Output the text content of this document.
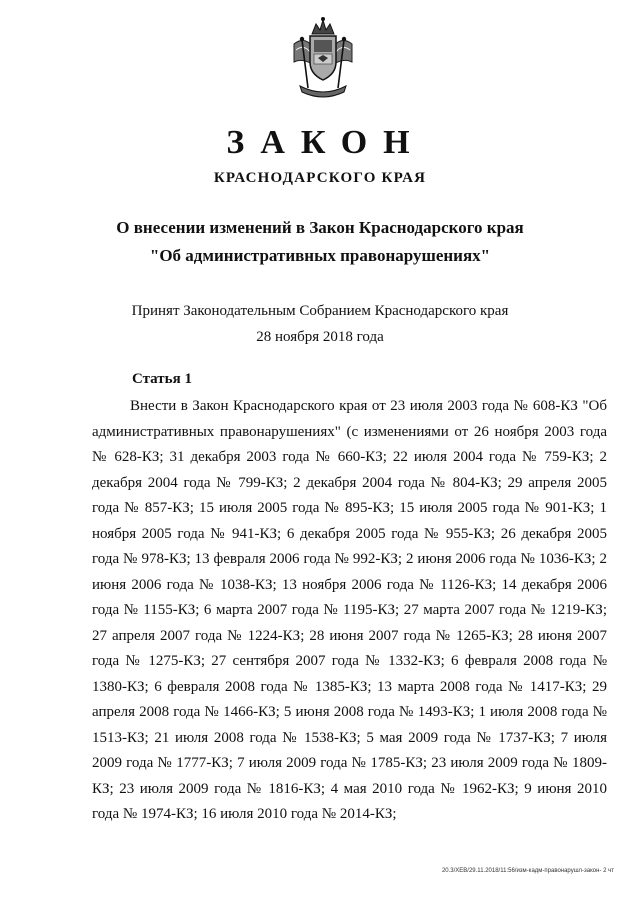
ЗАКОН
КРАСНОДАРСКОГО КРАЯ
О внесении изменений в Закон Краснодарского края
"Об административных правонарушениях"
Принят Законодательным Собранием Краснодарского края
28 ноября 2018 года
Статья 1
Внести в Закон Краснодарского края от 23 июля 2003 года № 608-КЗ "Об административных правонарушениях" (с изменениями от 26 ноября 2003 года № 628-КЗ; 31 декабря 2003 года № 660-КЗ; 22 июля 2004 года № 759-КЗ; 2 декабря 2004 года № 799-КЗ; 2 декабря 2004 года № 804-КЗ; 29 апреля 2005 года № 857-КЗ; 15 июля 2005 года № 895-КЗ; 15 июля 2005 года № 901-КЗ; 1 ноября 2005 года № 941-КЗ; 6 декабря 2005 года № 955-КЗ; 26 декабря 2005 года № 978-КЗ; 13 февраля 2006 года № 992-КЗ; 2 июня 2006 года № 1036-КЗ; 2 июня 2006 года № 1038-КЗ; 13 ноября 2006 года № 1126-КЗ; 14 декабря 2006 года № 1155-КЗ; 6 марта 2007 года № 1195-КЗ; 27 марта 2007 года № 1219-КЗ; 27 апреля 2007 года № 1224-КЗ; 28 июня 2007 года № 1265-КЗ; 28 июня 2007 года № 1275-КЗ; 27 сентября 2007 года № 1332-КЗ; 6 февраля 2008 года № 1380-КЗ; 6 февраля 2008 года № 1385-КЗ; 13 марта 2008 года № 1417-КЗ; 29 апреля 2008 года № 1466-КЗ; 5 июня 2008 года № 1493-КЗ; 1 июля 2008 года № 1513-КЗ; 21 июля 2008 года № 1538-КЗ; 5 мая 2009 года № 1737-КЗ; 7 июля 2009 года № 1777-КЗ; 7 июля 2009 года № 1785-КЗ; 23 июля 2009 года № 1809-КЗ; 23 июля 2009 года № 1816-КЗ; 4 мая 2010 года № 1962-КЗ; 9 июня 2010 года № 1974-КЗ; 16 июля 2010 года № 2014-КЗ;
20.3/XEB/29.11.2018/11:56/изм-кадм-правонарушл-закон- 2 чт
